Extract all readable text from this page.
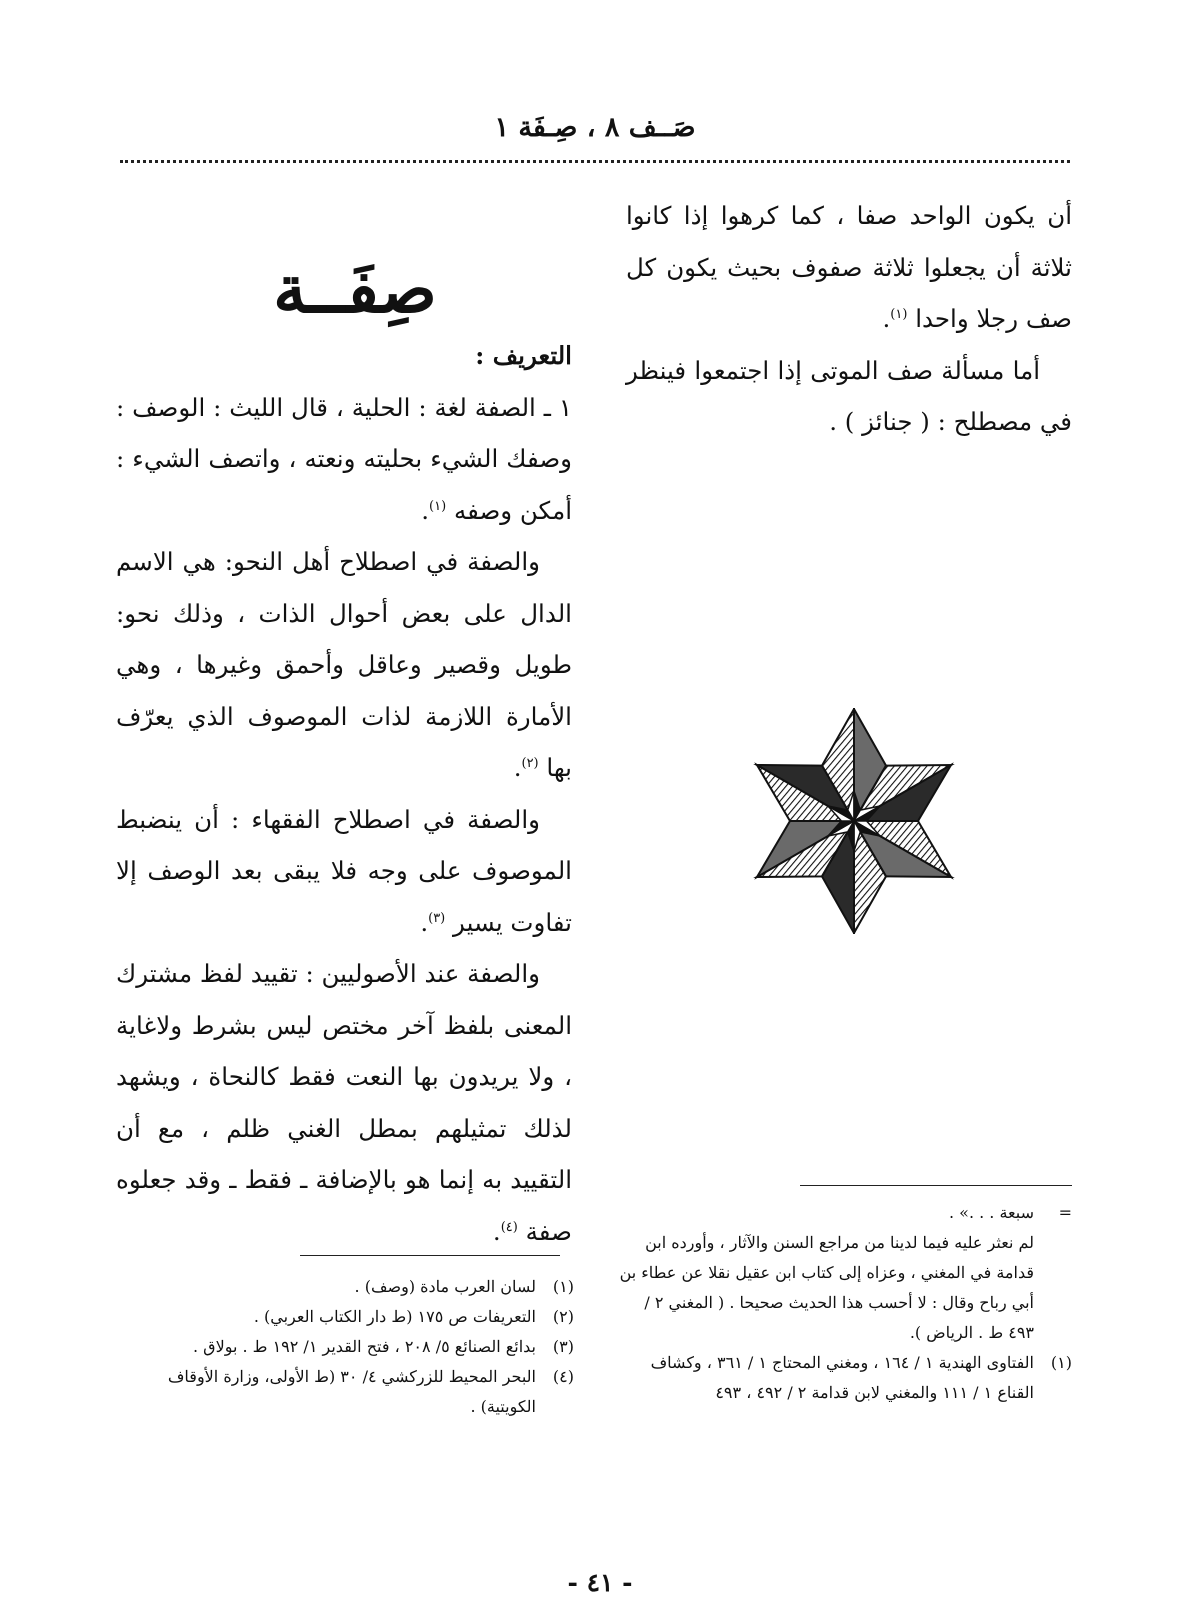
صَــف ٨ ، صِـفَة ١

أن يكون الواحد صفا ، كما كرهوا إذا كانوا ثلاثة أن يجعلوا ثلاثة صفوف بحيث يكون كل صف رجلا واحدا $^{(١)}$.

أما مسألة صف الموتى إذا اجتمعوا فينظر في مصطلح : ( جنائز ) .

صِفَــة

التعريف :

١ ـ الصفة لغة : الحلية ، قال الليث : الوصف : وصفك الشيء بحليته ونعته ، واتصف الشيء : أمكن وصفه $^{(١)}$.

والصفة في اصطلاح أهل النحو: هي الاسم الدال على بعض أحوال الذات ، وذلك نحو: طويل وقصير وعاقل وأحمق وغيرها ، وهي الأمارة اللازمة لذات الموصوف الذي يعرّف بها $^{(٢)}$.

والصفة في اصطلاح الفقهاء : أن ينضبط الموصوف على وجه فلا يبقى بعد الوصف إلا تفاوت يسير $^{(٣)}$.

والصفة عند الأصوليين : تقييد لفظ مشترك المعنى بلفظ آخر مختص ليس بشرط ولاغاية ، ولا يريدون بها النعت فقط كالنحاة ، ويشهد لذلك تمثيلهم بمطل الغني ظلم ، مع أن التقييد به إنما هو بالإضافة ـ فقط ـ وقد جعلوه صفة $^{(٤)}$.

(١)
لسان العرب مادة (وصف) .
(٢)
التعريفات ص ١٧٥ (ط دار الكتاب العربي) .
(٣)
بدائع الصنائع ٥/ ٢٠٨ ، فتح القدير ١/ ١٩٢ ط . بولاق .
(٤)
البحر المحيط للزركشي ٤/ ٣٠ (ط الأولى، وزارة الأوقاف الكويتية) .
=
سبعة . . .» .
لم نعثر عليه فيما لدينا من مراجع السنن والآثار ، وأورده ابن قدامة في المغني ، وعزاه إلى كتاب ابن عقيل نقلا عن عطاء بن أبي رباح وقال : لا أحسب هذا الحديث صحيحا . ( المغني ٢ / ٤٩٣ ط . الرياض ).
(١)
الفتاوى الهندية ١ / ١٦٤ ، ومغني المحتاج ١ / ٣٦١ ، وكشاف القناع ١ / ١١١ والمغني لابن قدامة ٢ / ٤٩٢ ، ٤٩٣
- ٤١ -
